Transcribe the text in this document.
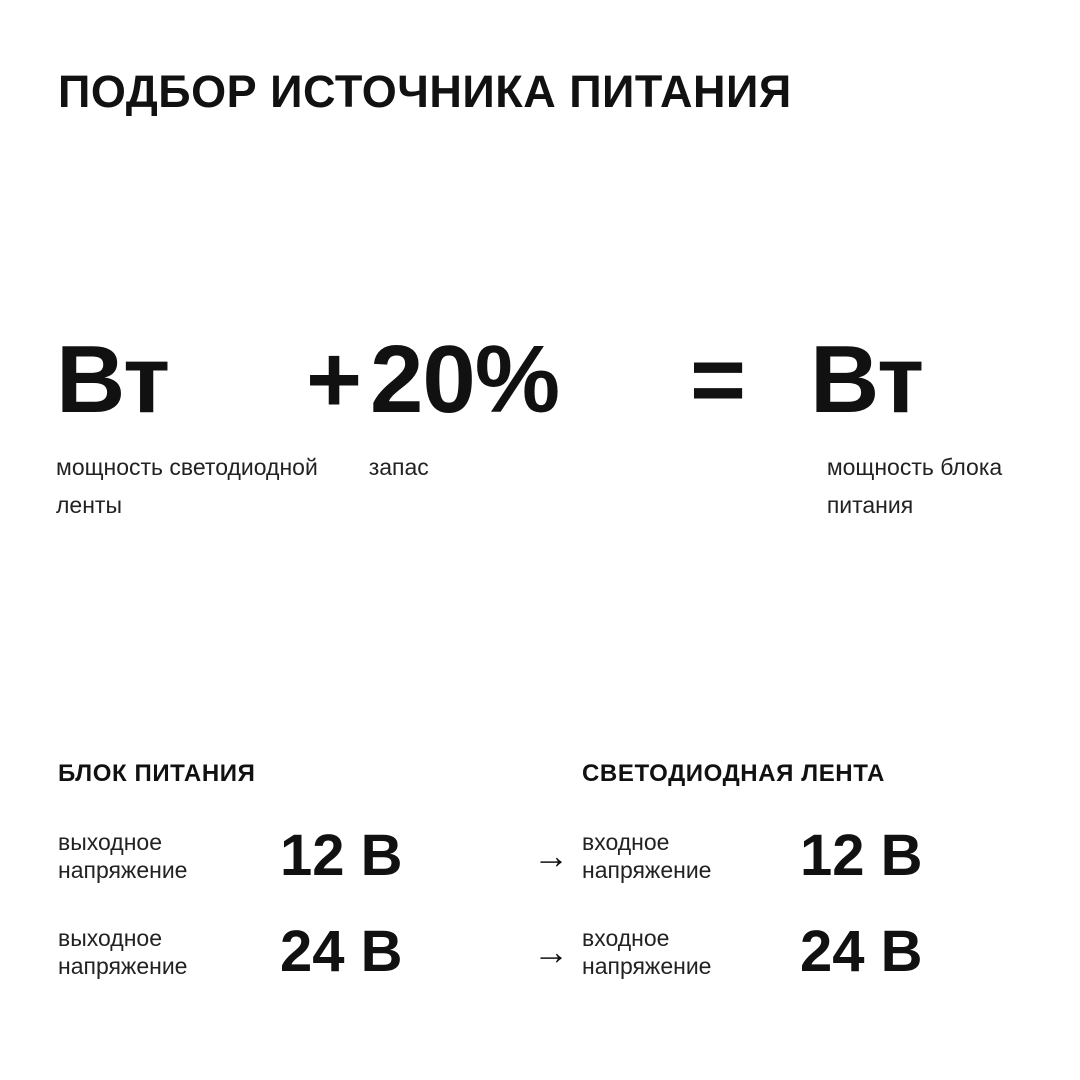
ПОДБОР ИСТОЧНИКА ПИТАНИЯ
Вт	+ 20%	= Вт
мощность светодиодной ленты
запас	мощность блока питания
БЛОК ПИТАНИЯ	СВЕТОДИОДНАЯ ЛЕНТА
выходное напряжение	12 В	→ входное напряжение	12 В
выходное напряжение	24 В	→ входное напряжение	24 В
